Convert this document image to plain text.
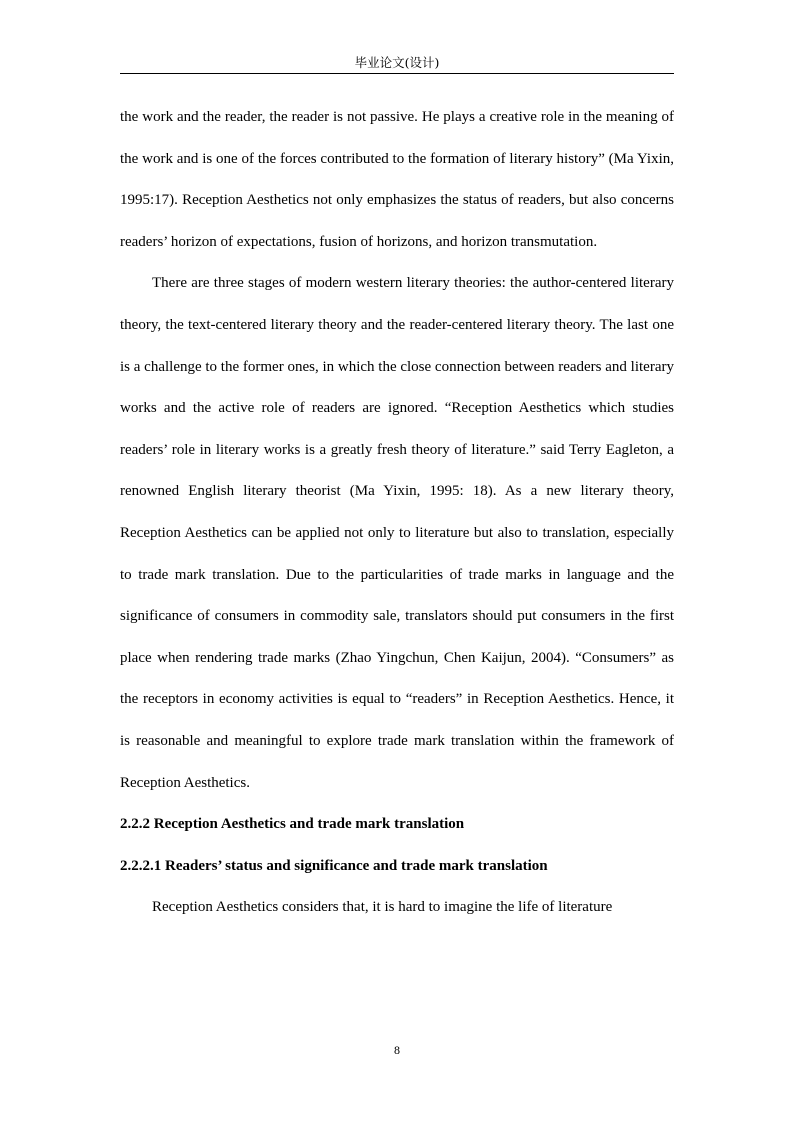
毕业论文(设计)

the work and the reader, the reader is not passive. He plays a creative role in the meaning of the work and is one of the forces contributed to the formation of literary history” (Ma Yixin, 1995:17). Reception Aesthetics not only emphasizes the status of readers, but also concerns readers’ horizon of expectations, fusion of horizons, and horizon transmutation.

There are three stages of modern western literary theories: the author-centered literary theory, the text-centered literary theory and the reader-centered literary theory. The last one is a challenge to the former ones, in which the close connection between readers and literary works and the active role of readers are ignored. “Reception Aesthetics which studies readers’ role in literary works is a greatly fresh theory of literature.” said Terry Eagleton, a renowned English literary theorist (Ma Yixin, 1995: 18). As a new literary theory, Reception Aesthetics can be applied not only to literature but also to translation, especially to trade mark translation. Due to the particularities of trade marks in language and the significance of consumers in commodity sale, translators should put consumers in the first place when rendering trade marks (Zhao Yingchun, Chen Kaijun, 2004). “Consumers” as the receptors in economy activities is equal to “readers” in Reception Aesthetics. Hence, it is reasonable and meaningful to explore trade mark translation within the framework of Reception Aesthetics.

2.2.2 Reception Aesthetics and trade mark translation
2.2.2.1 Readers’ status and significance and trade mark translation

Reception Aesthetics considers that, it is hard to imagine the life of literature

8
